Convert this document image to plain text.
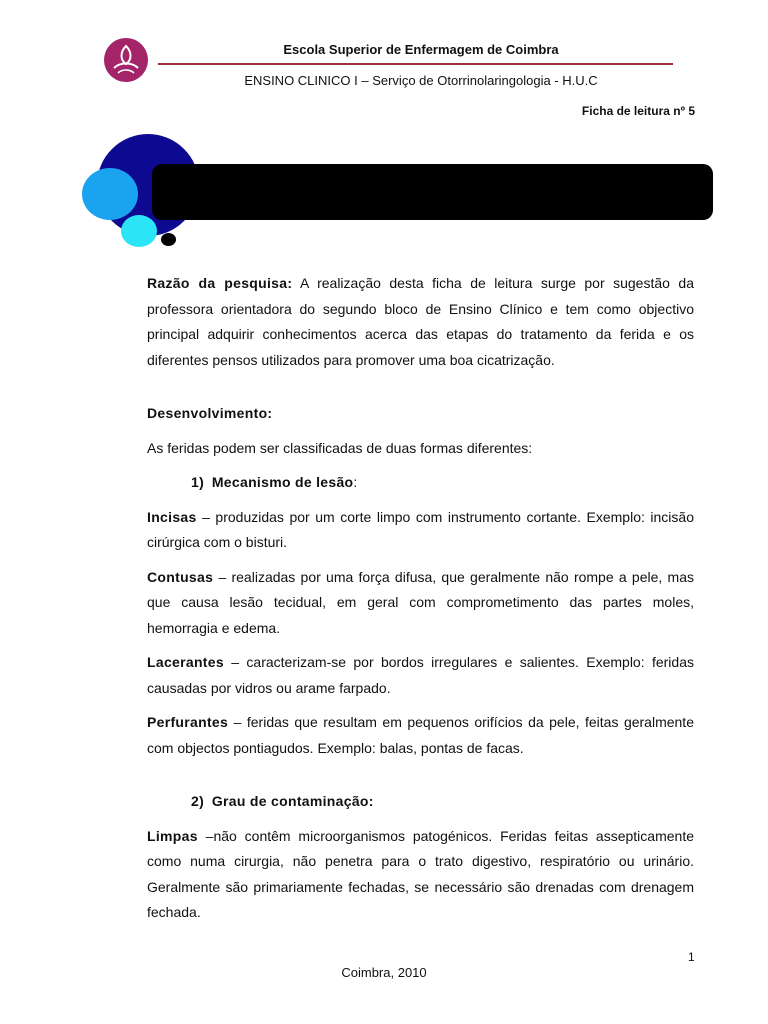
Escola Superior de Enfermagem de Coimbra
ENSINO CLINICO I – Serviço de Otorrinolaringologia - H.U.C
Ficha de leitura nº 5

Razão da pesquisa: A realização desta ficha de leitura surge por sugestão da professora orientadora do segundo bloco de Ensino Clínico e tem como objectivo principal adquirir conhecimentos acerca das etapas do tratamento da ferida e os diferentes pensos utilizados para promover uma boa cicatrização.

Desenvolvimento:

As feridas podem ser classificadas de duas formas diferentes:

1) Mecanismo de lesão:

Incisas – produzidas por um corte limpo com instrumento cortante. Exemplo: incisão cirúrgica com o bisturi.

Contusas – realizadas por uma força difusa, que geralmente não rompe a pele, mas que causa lesão tecidual, em geral com comprometimento das partes moles, hemorragia e edema.

Lacerantes – caracterizam-se por bordos irregulares e salientes. Exemplo: feridas causadas por vidros ou arame farpado.

Perfurantes – feridas que resultam em pequenos orifícios da pele, feitas geralmente com objectos pontiagudos. Exemplo: balas, pontas de facas.

2) Grau de contaminação:

Limpas –não contêm microorganismos patogénicos. Feridas feitas assepticamente como numa cirurgia, não penetra para o trato digestivo, respiratório ou urinário. Geralmente são primariamente fechadas, se necessário são drenadas com drenagem fechada.

1
Coimbra, 2010
